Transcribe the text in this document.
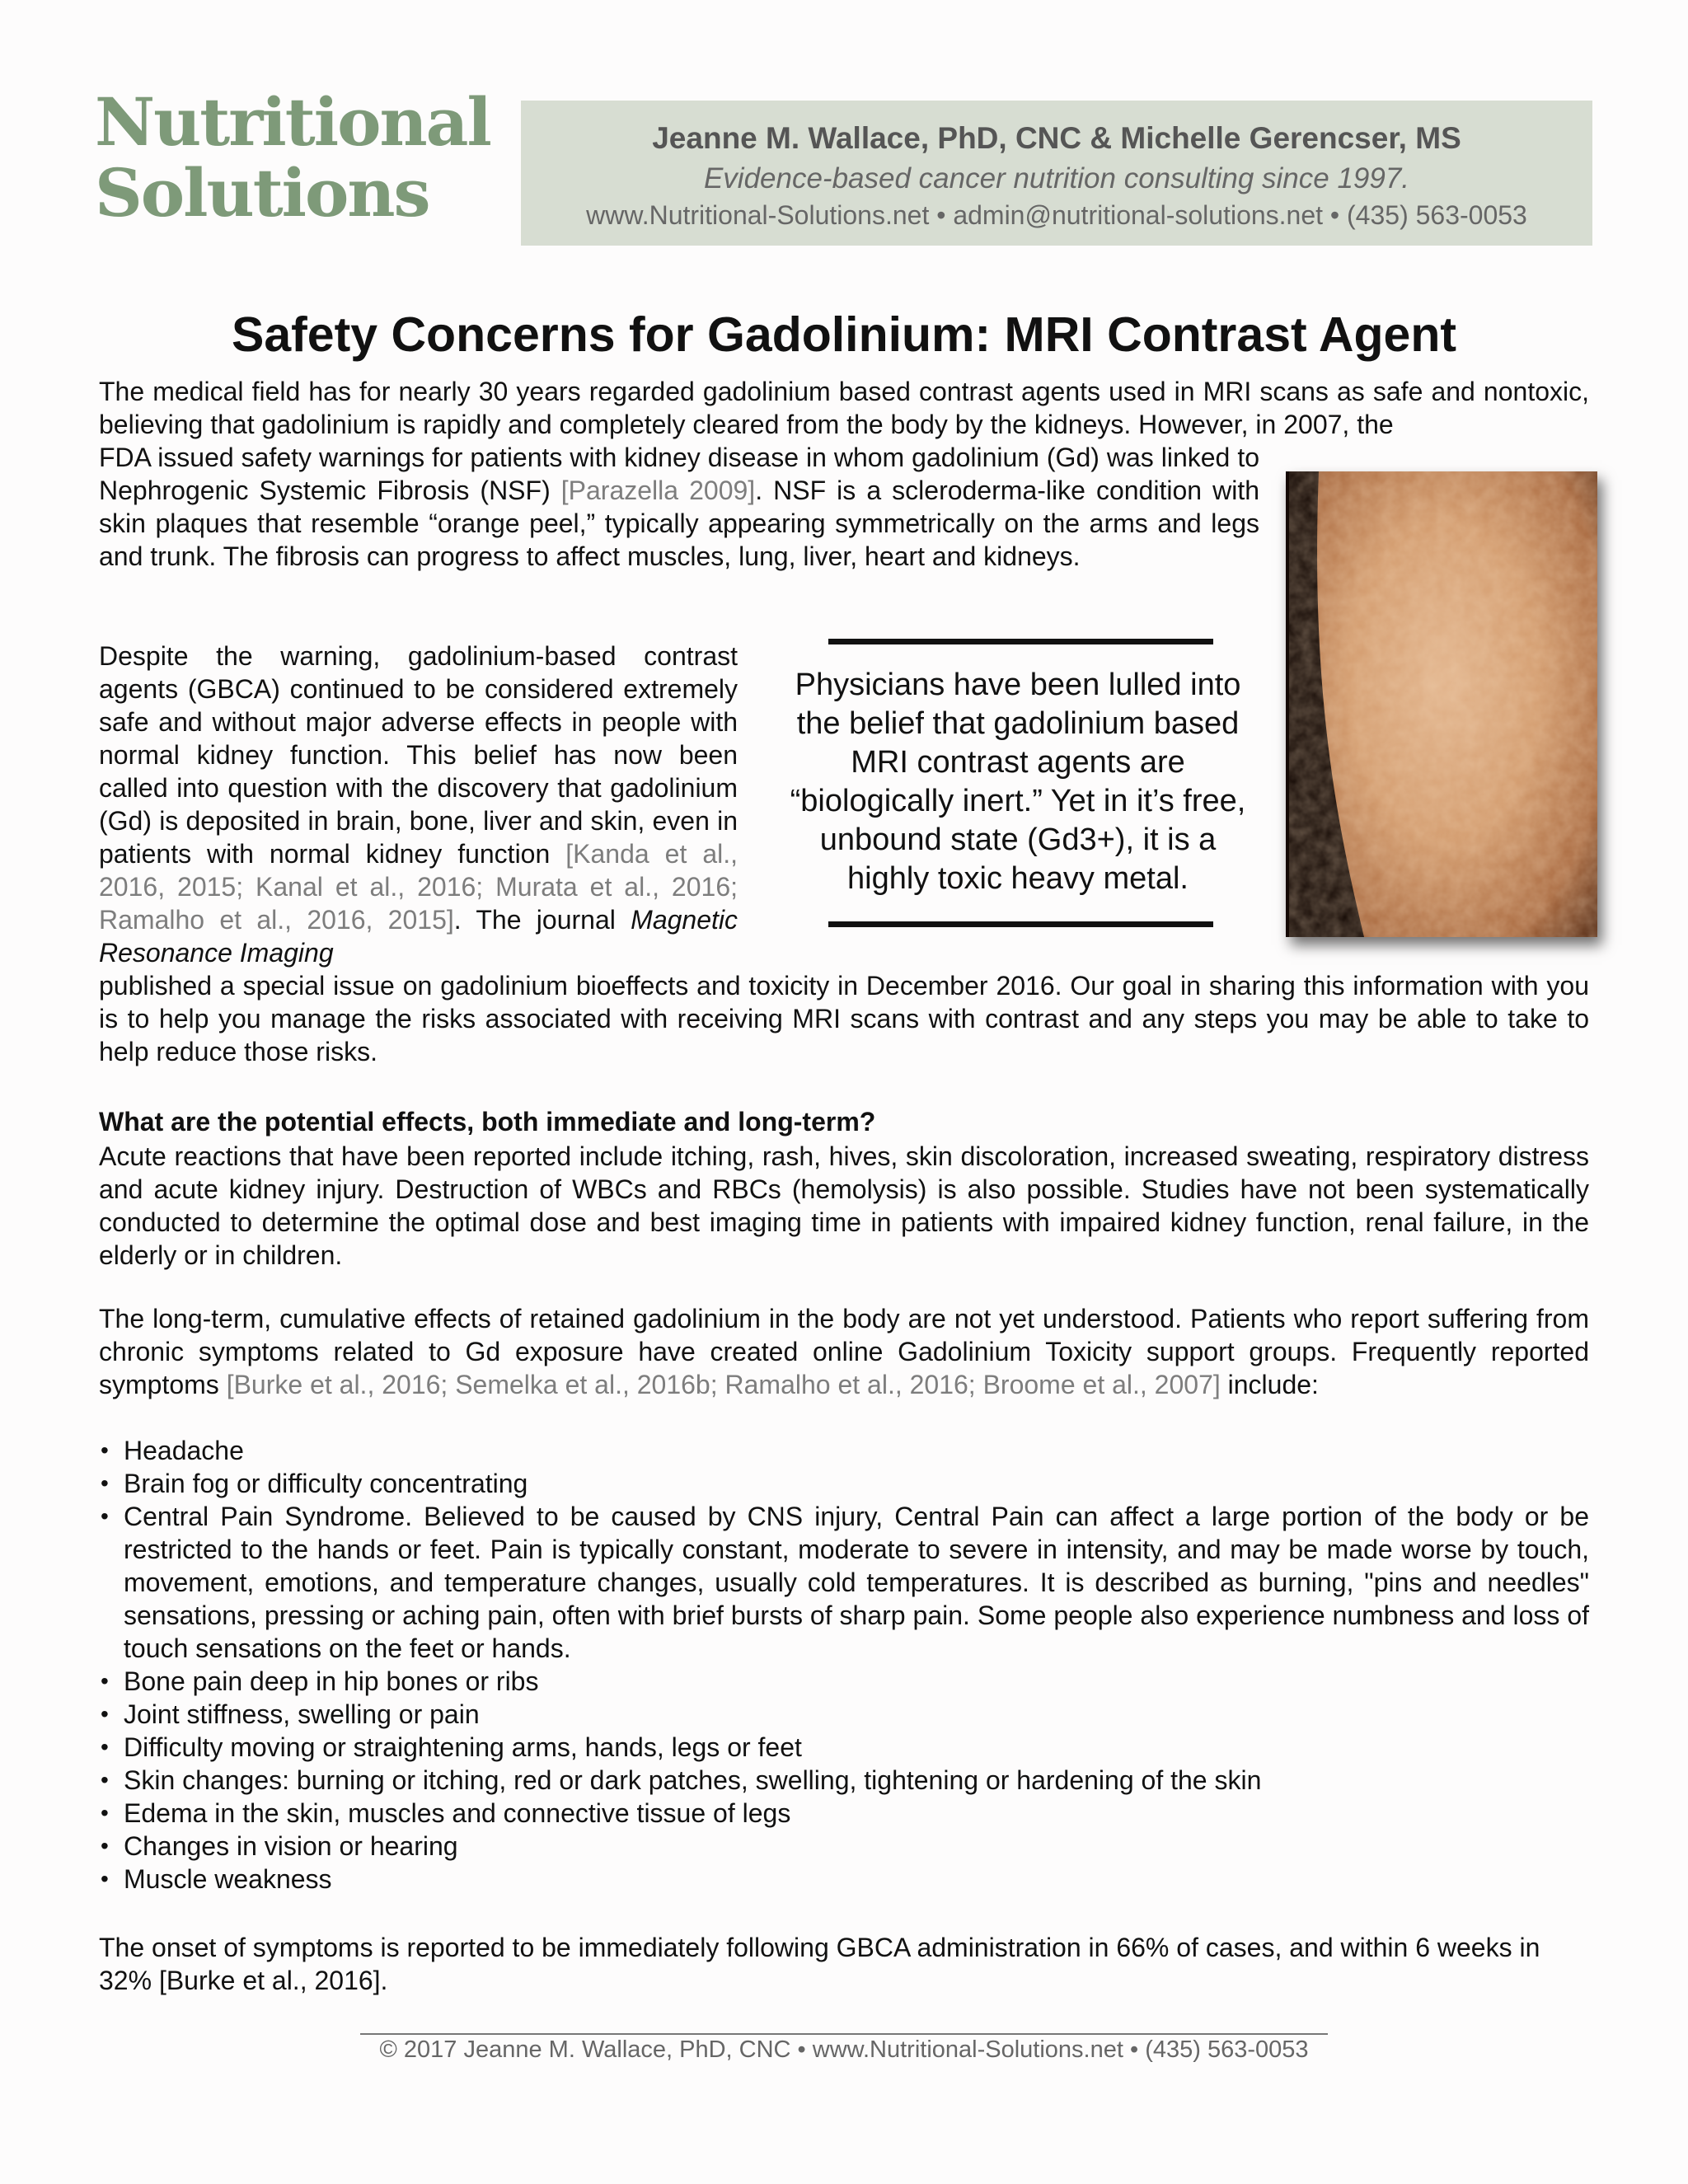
Nutritional
Solutions
Jeanne M. Wallace, PhD, CNC & Michelle Gerencser, MS
Evidence-based cancer nutrition consulting since 1997.
www.Nutritional-Solutions.net • admin@nutritional-solutions.net • (435) 563-0053
Safety Concerns for Gadolinium: MRI Contrast Agent
The medical field has for nearly 30 years regarded gadolinium based contrast agents used in MRI scans as safe and nontoxic, believing that gadolinium is rapidly and completely cleared from the body by the kidneys. However, in 2007, the
FDA issued safety warnings for patients with kidney disease in whom gadolinium (Gd) was linked to Nephrogenic Systemic Fibrosis (NSF) [Parazella 2009]. NSF is a scleroderma-like condition with skin plaques that resemble “orange peel,” typically appearing symmetrically on the arms and legs and trunk. The fibrosis can progress to affect muscles, lung, liver, heart and kidneys.
Despite the warning, gadolinium-based contrast agents (GBCA) continued to be considered extremely safe and without major adverse effects in people with normal kidney function. This belief has now been called into question with the discovery that gadolinium (Gd) is deposited in brain, bone, liver and skin, even in patients with normal kidney function [Kanda et al., 2016, 2015; Kanal et al., 2016; Murata et al., 2016; Ramalho et al., 2016, 2015]. The journal Magnetic Resonance Imaging
published a special issue on gadolinium bioeffects and toxicity in December 2016. Our goal in sharing this information with you is to help you manage the risks associated with receiving MRI scans with contrast and any steps you may be able to take to help reduce those risks.
Physicians have been lulled into the belief that gadolinium based MRI contrast agents are “biologically inert.” Yet in it’s free, unbound state (Gd3+), it is a highly toxic heavy metal.
What are the potential effects, both immediate and long-term?
Acute reactions that have been reported include itching, rash, hives, skin discoloration, increased sweating, respiratory distress and acute kidney injury. Destruction of WBCs and RBCs (hemolysis) is also possible. Studies have not been systematically conducted to determine the optimal dose and best imaging time in patients with impaired kidney function, renal failure, in the elderly or in children.
The long-term, cumulative effects of retained gadolinium in the body are not yet understood. Patients who report suffering from chronic symptoms related to Gd exposure have created online Gadolinium Toxicity support groups. Frequently reported symptoms [Burke et al., 2016; Semelka et al., 2016b; Ramalho et al., 2016; Broome et al., 2007] include:
• Headache
• Brain fog or difficulty concentrating
• Central Pain Syndrome. Believed to be caused by CNS injury, Central Pain can affect a large portion of the body or be restricted to the hands or feet. Pain is typically constant, moderate to severe in intensity, and may be made worse by touch, movement, emotions, and temperature changes, usually cold temperatures. It is described as burning, "pins and needles" sensations, pressing or aching pain, often with brief bursts of sharp pain. Some people also experience numbness and loss of touch sensations on the feet or hands.
• Bone pain deep in hip bones or ribs
• Joint stiffness, swelling or pain
• Difficulty moving or straightening arms, hands, legs or feet
• Skin changes: burning or itching, red or dark patches, swelling, tightening or hardening of the skin
• Edema in the skin, muscles and connective tissue of legs
• Changes in vision or hearing
• Muscle weakness
The onset of symptoms is reported to be immediately following GBCA administration in 66% of cases, and within 6 weeks in 32% [Burke et al., 2016].
© 2017 Jeanne M. Wallace, PhD, CNC • www.Nutritional-Solutions.net • (435) 563-0053
